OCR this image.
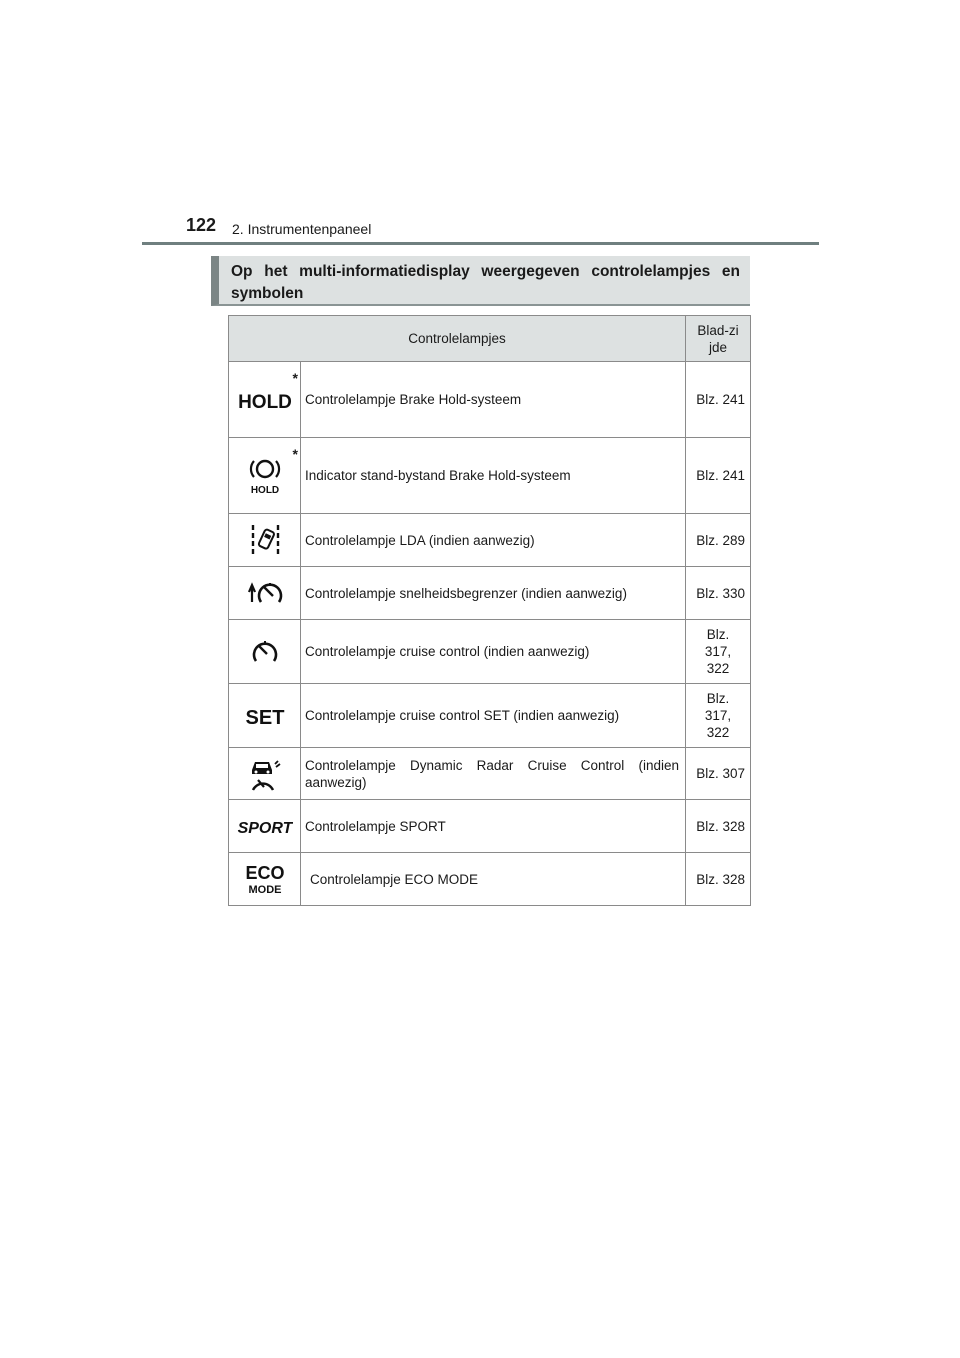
122 2. Instrumentenpaneel
Op het multi-informatiedisplay weergegeven controlelampjes en symbolen
Controlelampjes		Blad-zijde

*
HOLD	Controlelampje Brake Hold-systeem	Blz. 241

*
HOLD	Indicator stand-bystand Brake Hold-systeem	Blz. 241

	Controlelampje LDA (indien aanwezig)	Blz. 289

	Controlelampje snelheidsbegrenzer (indien aanwezig)	Blz. 330

	Controlelampje cruise control (indien aanwezig)	Blz. 317, 322

SET	Controlelampje cruise control SET (indien aanwezig)	Blz. 317, 322

	Controlelampje Dynamic Radar Cruise Control (indien aanwezig)	Blz. 307

SPORT	Controlelampje SPORT	Blz. 328

ECO
MODE	Controlelampje ECO MODE	Blz. 328
